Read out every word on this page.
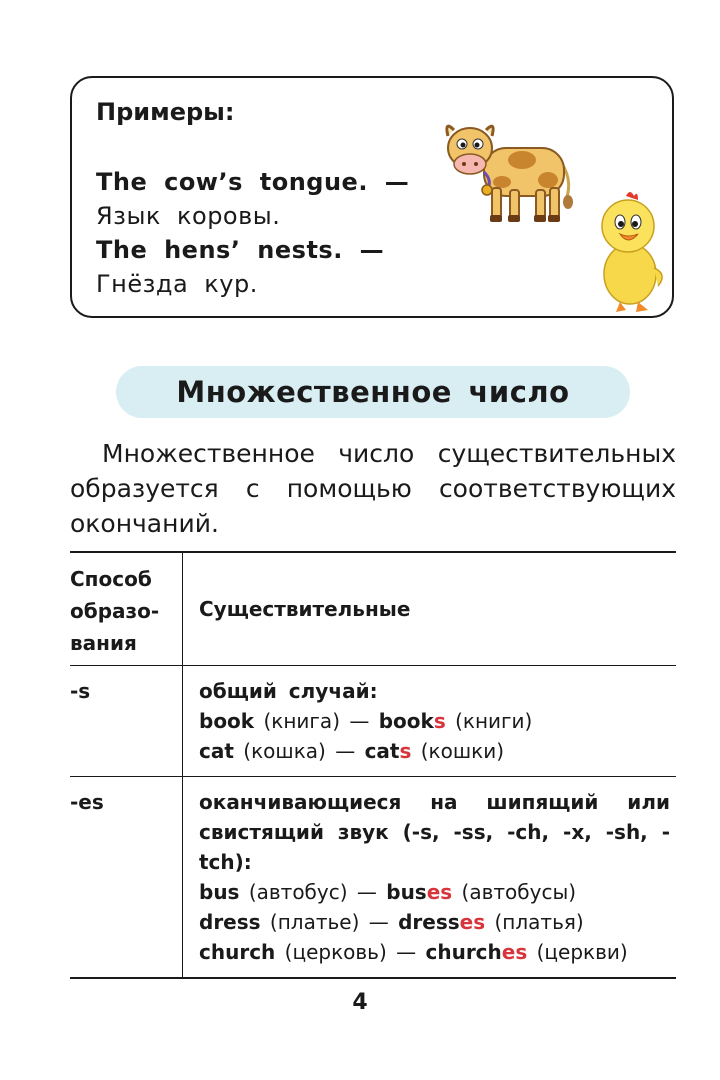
Примеры:
The cow’s tongue. —
Язык коровы.
The hens’ nests. —
Гнёзда кур.
Множественное число
Множественное число существительных образуется с помощью соответствующих окончаний.
Способ
образо-
вания	Существительные

-s	общий случай:
book (книга) — books (книги)
cat (кошка) — cats (кошки)

-es	оканчивающиеся на шипящий или свистящий звук (-s, -ss, -ch, -x, -sh, -tch):
bus (автобус) — buses (автобусы)
dress (платье) — dresses (платья)
church (церковь) — churches (церкви)
4
